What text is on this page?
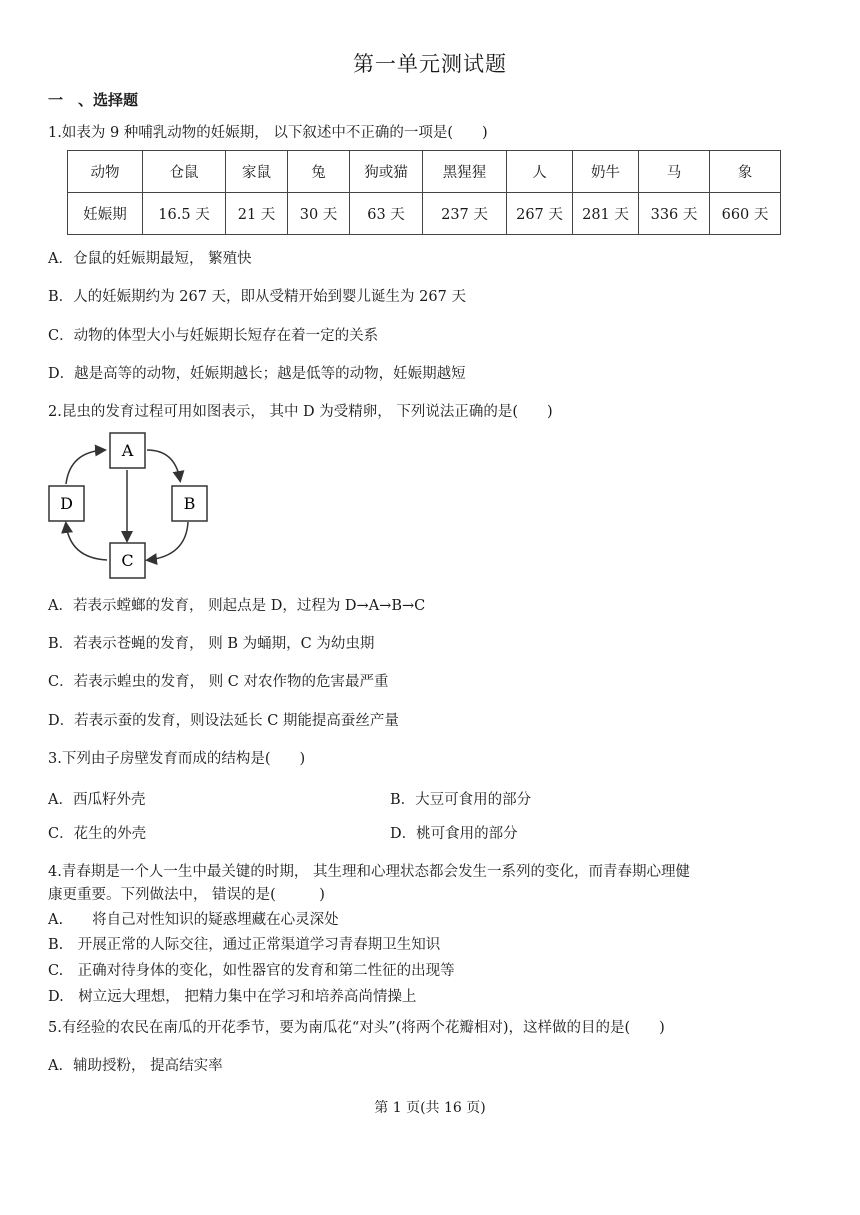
第一单元测试题
一　、选择题
1.如表为 9 种哺乳动物的妊娠期， 以下叙述中不正确的一项是(　　)
动物	仓鼠	家鼠	兔	狗或猫	黑猩猩	人	奶牛	马	象
妊娠期	16.5 天	21 天	30 天	63 天	237 天	267 天	281 天	336 天	660 天
A．仓鼠的妊娠期最短， 繁殖快
B．人的妊娠期约为 267 天，即从受精开始到婴儿诞生为 267 天
C．动物的体型大小与妊娠期长短存在着一定的关系
D．越是高等的动物，妊娠期越长；越是低等的动物，妊娠期越短
2.昆虫的发育过程可用如图表示， 其中 D 为受精卵， 下列说法正确的是(　　)
A
B
C
D
A．若表示螳螂的发育， 则起点是 D，过程为 D→A→B→C
B．若表示苍蝇的发育， 则 B 为蛹期，C 为幼虫期
C．若表示蝗虫的发育， 则 C 对农作物的危害最严重
D．若表示蚕的发育，则设法延长 C 期能提高蚕丝产量
3.下列由子房壁发育而成的结构是(　　)
A．西瓜籽外壳	B．大豆可食用的部分
C．花生的外壳	D．桃可食用的部分
4.青春期是一个人一生中最关键的时期， 其生理和心理状态都会发生一系列的变化，而青春期心理健
康更重要。下列做法中， 错误的是(　　　)
A.　　将自己对性知识的疑惑埋藏在心灵深处
B.　开展正常的人际交往，通过正常渠道学习青春期卫生知识
C.　正确对待身体的变化，如性器官的发育和第二性征的出现等
D.　树立远大理想， 把精力集中在学习和培养高尚情操上
5.有经验的农民在南瓜的开花季节，要为南瓜花“对头”(将两个花瓣相对)，这样做的目的是(　　)
A．辅助授粉， 提高结实率
第 1 页(共 16 页)
